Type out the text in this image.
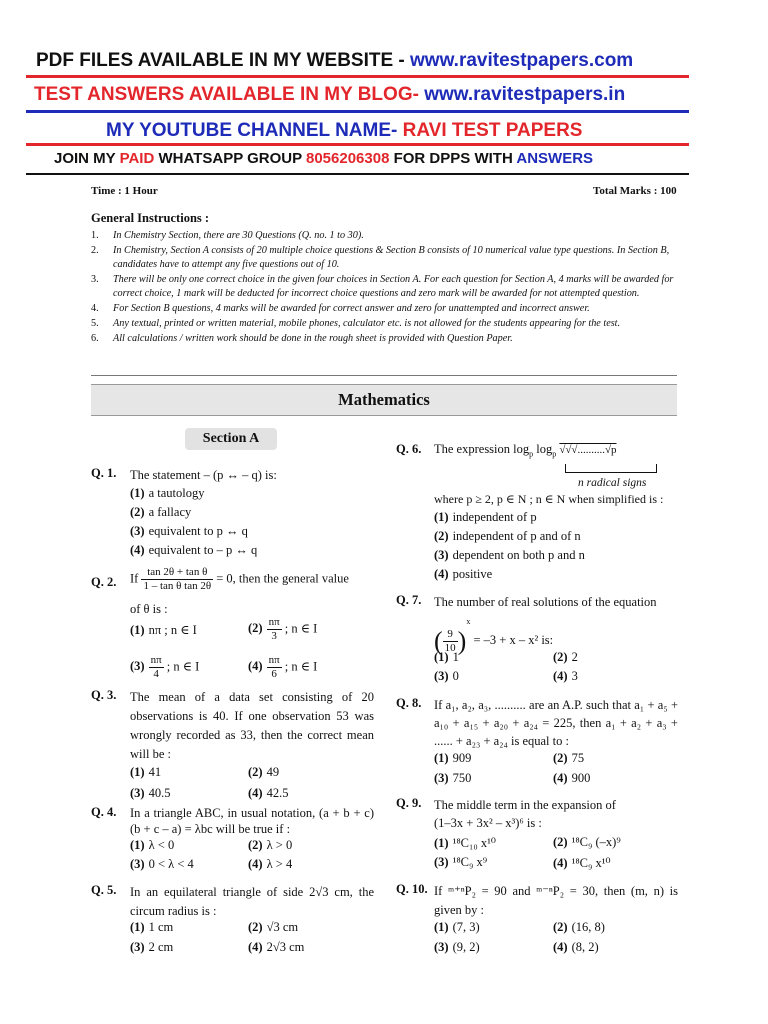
PDF FILES AVAILABLE IN MY WEBSITE - www.ravitestpapers.com
TEST ANSWERS AVAILABLE IN MY BLOG- www.ravitestpapers.in
MY YOUTUBE CHANNEL NAME- RAVI TEST PAPERS
JOIN MY PAID WHATSAPP GROUP 8056206308 FOR DPPS WITH ANSWERS
Time : 1 Hour	Total Marks : 100
General Instructions :
1. In Chemistry Section, there are 30 Questions (Q. no. 1 to 30).
2. In Chemistry, Section A consists of 20 multiple choice questions & Section B consists of 10 numerical value type questions. In Section B, candidates have to attempt any five questions out of 10.
3. There will be only one correct choice in the given four choices in Section A. For each question for Section A, 4 marks will be awarded for correct choice, 1 mark will be deducted for incorrect choice questions and zero mark will be awarded for not attempted question.
4. For Section B questions, 4 marks will be awarded for correct answer and zero for unattempted and incorrect answer.
5. Any textual, printed or written material, mobile phones, calculator etc. is not allowed for the students appearing for the test.
6. All calculations / written work should be done in the rough sheet is provided with Question Paper.
Mathematics
Section A
Q. 1. The statement – (p ↔ – q) is:
(1) a tautology
(2) a fallacy
(3) equivalent to p ↔ q
(4) equivalent to – p ↔ q
Q. 2. If $\frac{\text{tan 2θ + tan θ}}{\text{1 – tan θ tan 2θ}} = 0$, then the general value
of θ is :
(1) nπ ; n ∈ I	$(2) \frac{n\pi}{3}$ ; n ∈ I
$(3) \frac{n\pi}{4}$ ; n ∈ I	$(4) \frac{n\pi}{6}$ ; n ∈ I
Q. 3. The mean of a data set consisting of 20 observations is 40. If one observation 53 was wrongly recorded as 33, then the correct mean will be :
(1) 41	(2) 49
(3) 40.5	(4) 42.5
Q. 4. In a triangle ABC, in usual notation, (a + b + c) (b + c – a) = λbc will be true if :
(1) λ < 0	(2) λ > 0
(3) 0 < λ < 4	(4) λ > 4
Q. 5. In an equilateral triangle of side 2√3 cm, the circum radius is :
(1) 1 cm	(2) √3 cm
(3) 2 cm	(4) 2√3 cm
Q. 6. The expression $\log_p \log_p √√√..........√p$
n radical signs
where p ≥ 2, p ∈ N ; n ∈ N when simplified is :
(1) independent of p
(2) independent of p and of n
(3) dependent on both p and n
(4) positive
Q. 7. The number of real solutions of the equation
( $\frac{9}{10} )^x = -3 + x - x^2$ is:
(1) 1	(2) 2
(3) 0	(4) 3
Q. 8. If a₁, a₂, a₃, .......... are an A.P. such that a₁ + a₅ + a₁₀ + a₁₅ + a₂₀ + a₂₄ = 225, then a₁ + a₂ + a₃ + ...... + a₂₃ + a₂₄ is equal to :
(1) 909	(2) 75
(3) 750	(4) 900
Q. 9. The middle term in the expansion of
(1–3x + 3x² – x³)⁶ is :
(1) ¹⁸C₁₀ x¹⁰	(2) ¹⁸C₉ (–x)⁹
(3) ¹⁸C₉ x⁹	(4) ¹⁸C₉ x¹⁰
Q. 10. If ᵐ⁺ⁿP₂ = 90 and ᵐ⁻ⁿP₂ = 30, then (m, n) is given by :
(1) (7, 3)	(2) (16, 8)
(3) (9, 2)	(4) (8, 2)
